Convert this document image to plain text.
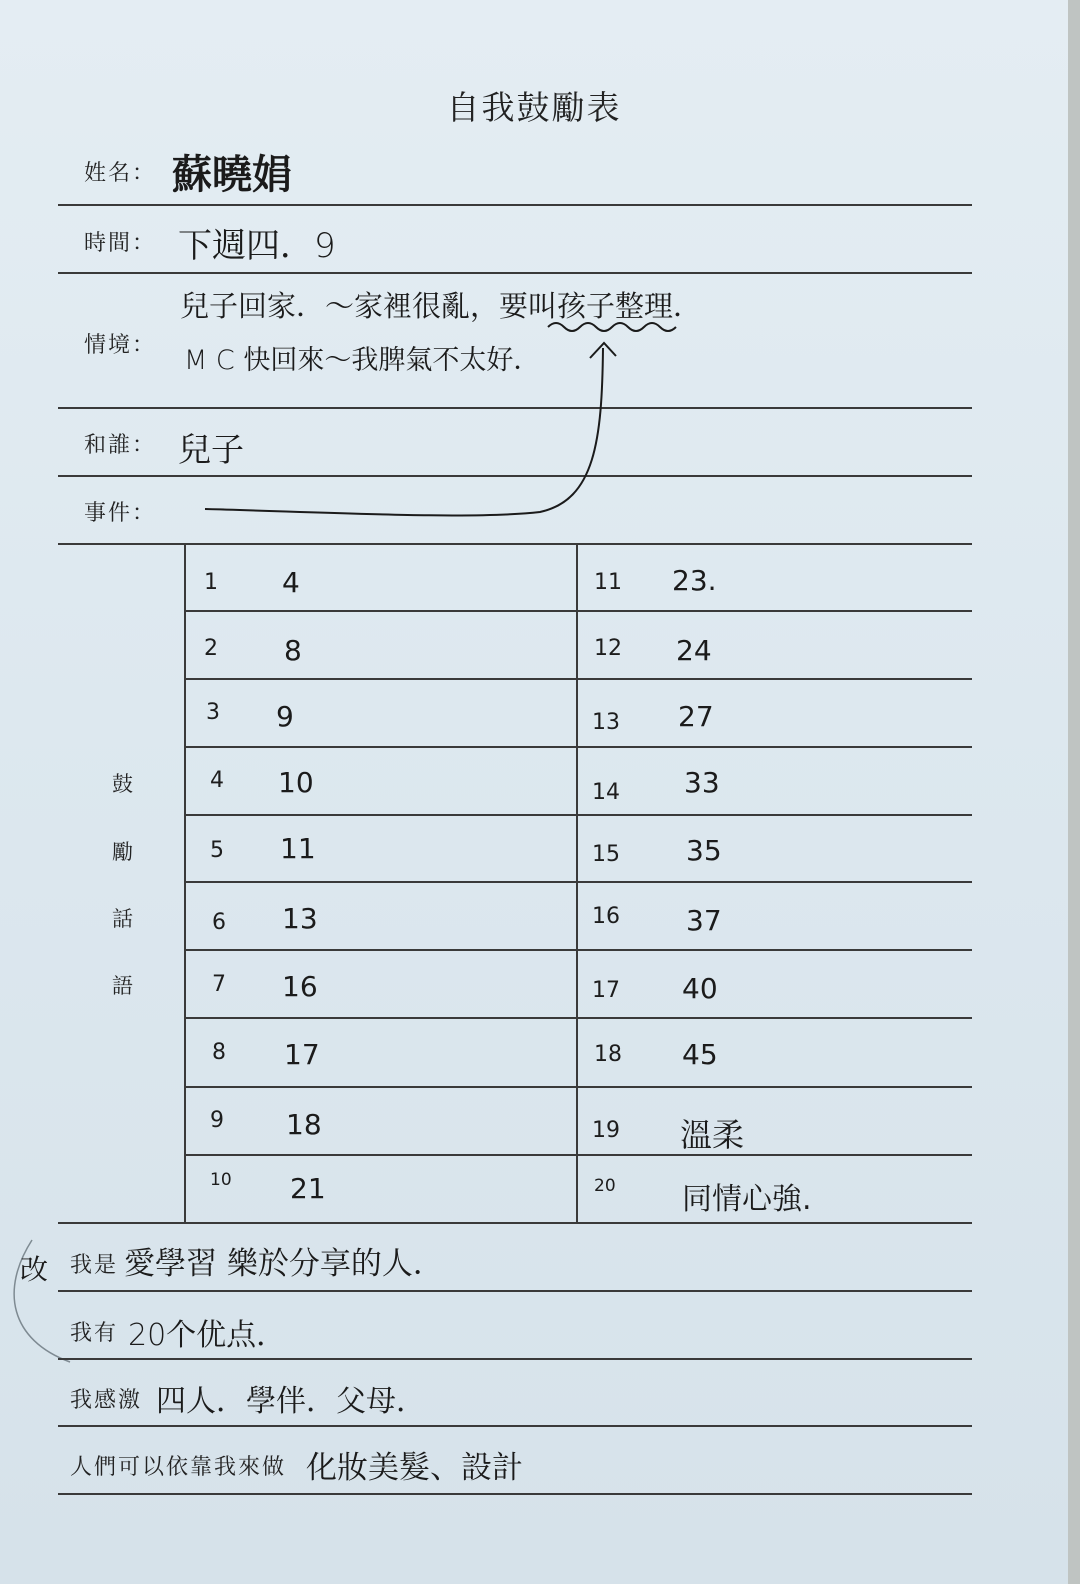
自我鼓勵表
姓名： 蘇曉娟
時間： 下週四．9
情境：
兒子回家．～家裡很亂，要叫孩子整理．
M C 快回來～我脾氣不太好．
和誰： 兒子
事件：
鼓
勵
話
語
1 4
2 8
3 9
4 10
5 11
6 13
7 16
8 17
9 18
10 21
11 23.
12 24
13 27
14 33
15 35
16 37
17 40
18 45
19 溫柔
20 同情心強.
改 我是 愛學習 樂於分享的人．
我有 20个优点．
我感激 四人．學伴．父母．
人們可以依靠我來做 化妝美髮、設計
